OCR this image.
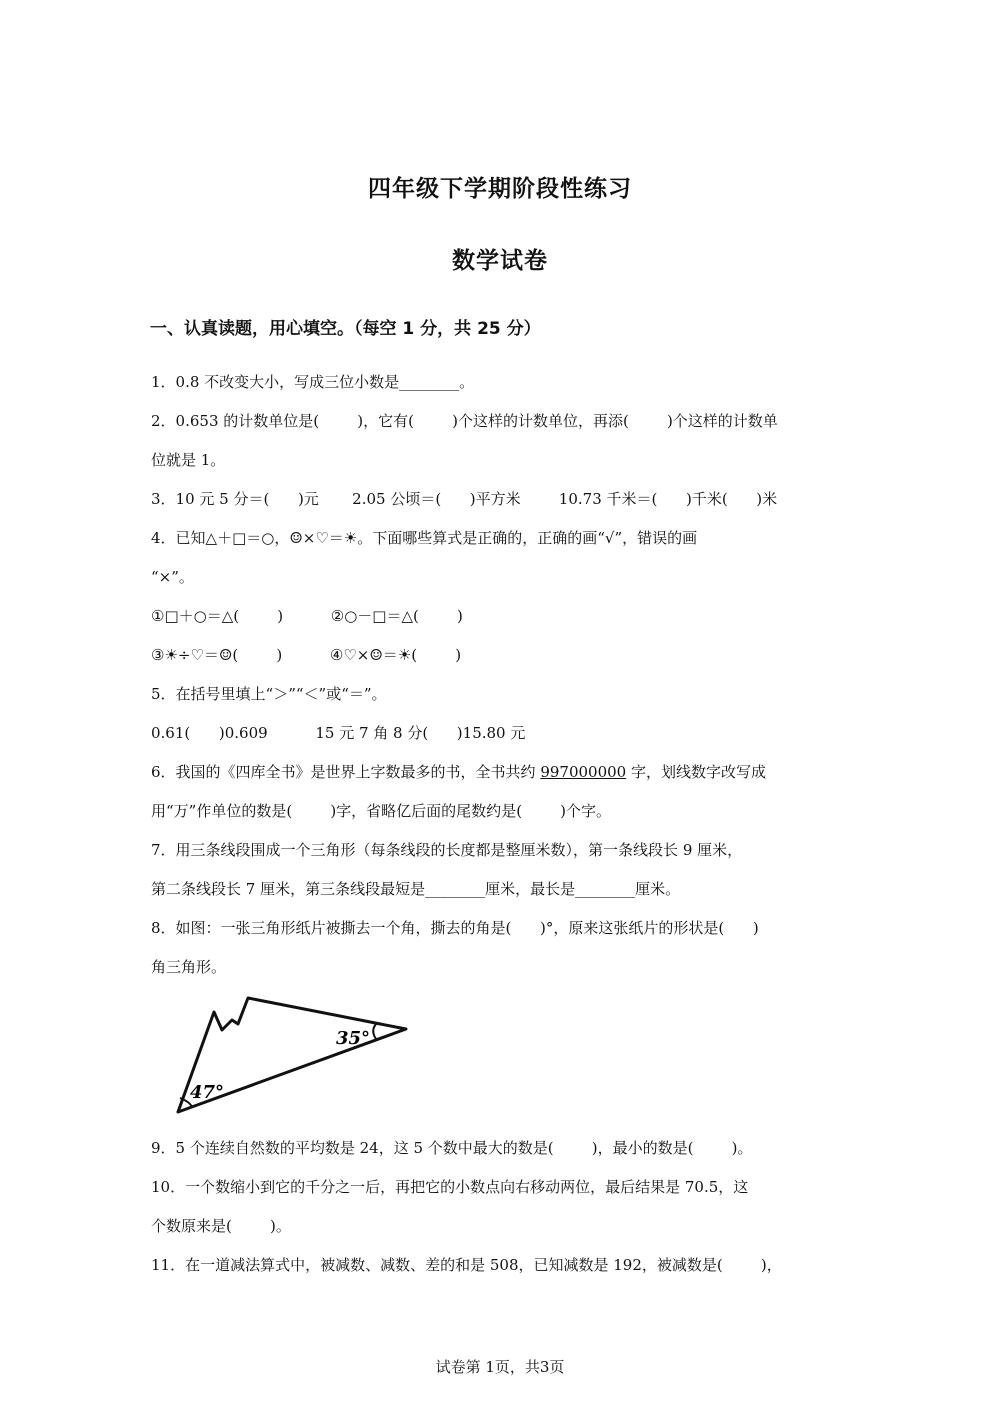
四年级下学期阶段性练习
数学试卷
一、认真读题，用心填空。（每空 1 分，共 25 分）
1．0.8 不改变大小，写成三位小数是________。
2．0.653 的计数单位是(        )，它有(        )个这样的计数单位，再添(        )个这样的计数单
位就是 1。
3．10 元 5 分＝(      )元       2.05 公顷＝(      )平方米        10.73 千米＝(      )千米(      )米
4．已知△＋□＝○，☺×♡＝☀。下面哪些算式是正确的，正确的画“√”，错误的画
“×”。
①□＋○＝△(        )          ②○－□＝△(        )
③☀÷♡＝☺(        )          ④♡×☺＝☀(        )
5．在括号里填上“＞”“＜”或“＝”。
0.61(      )0.609          15 元 7 角 8 分(      )15.80 元
6．我国的《四库全书》是世界上字数最多的书，全书共约 997000000 字，划线数字改写成
用“万”作单位的数是(        )字，省略亿后面的尾数约是(        )个字。
7．用三条线段围成一个三角形（每条线段的长度都是整厘米数），第一条线段长 9 厘米，
第二条线段长 7 厘米，第三条线段最短是________厘米，最长是________厘米。
8．如图：一张三角形纸片被撕去一个角，撕去的角是(      )°，原来这张纸片的形状是(      )
角三角形。
35°
47°
9．5 个连续自然数的平均数是 24，这 5 个数中最大的数是(        )，最小的数是(        )。
10．一个数缩小到它的千分之一后，再把它的小数点向右移动两位，最后结果是 70.5，这
个数原来是(        )。
11．在一道减法算式中，被减数、减数、差的和是 508，已知减数是 192，被减数是(        )，
试卷第 1页，共3页
